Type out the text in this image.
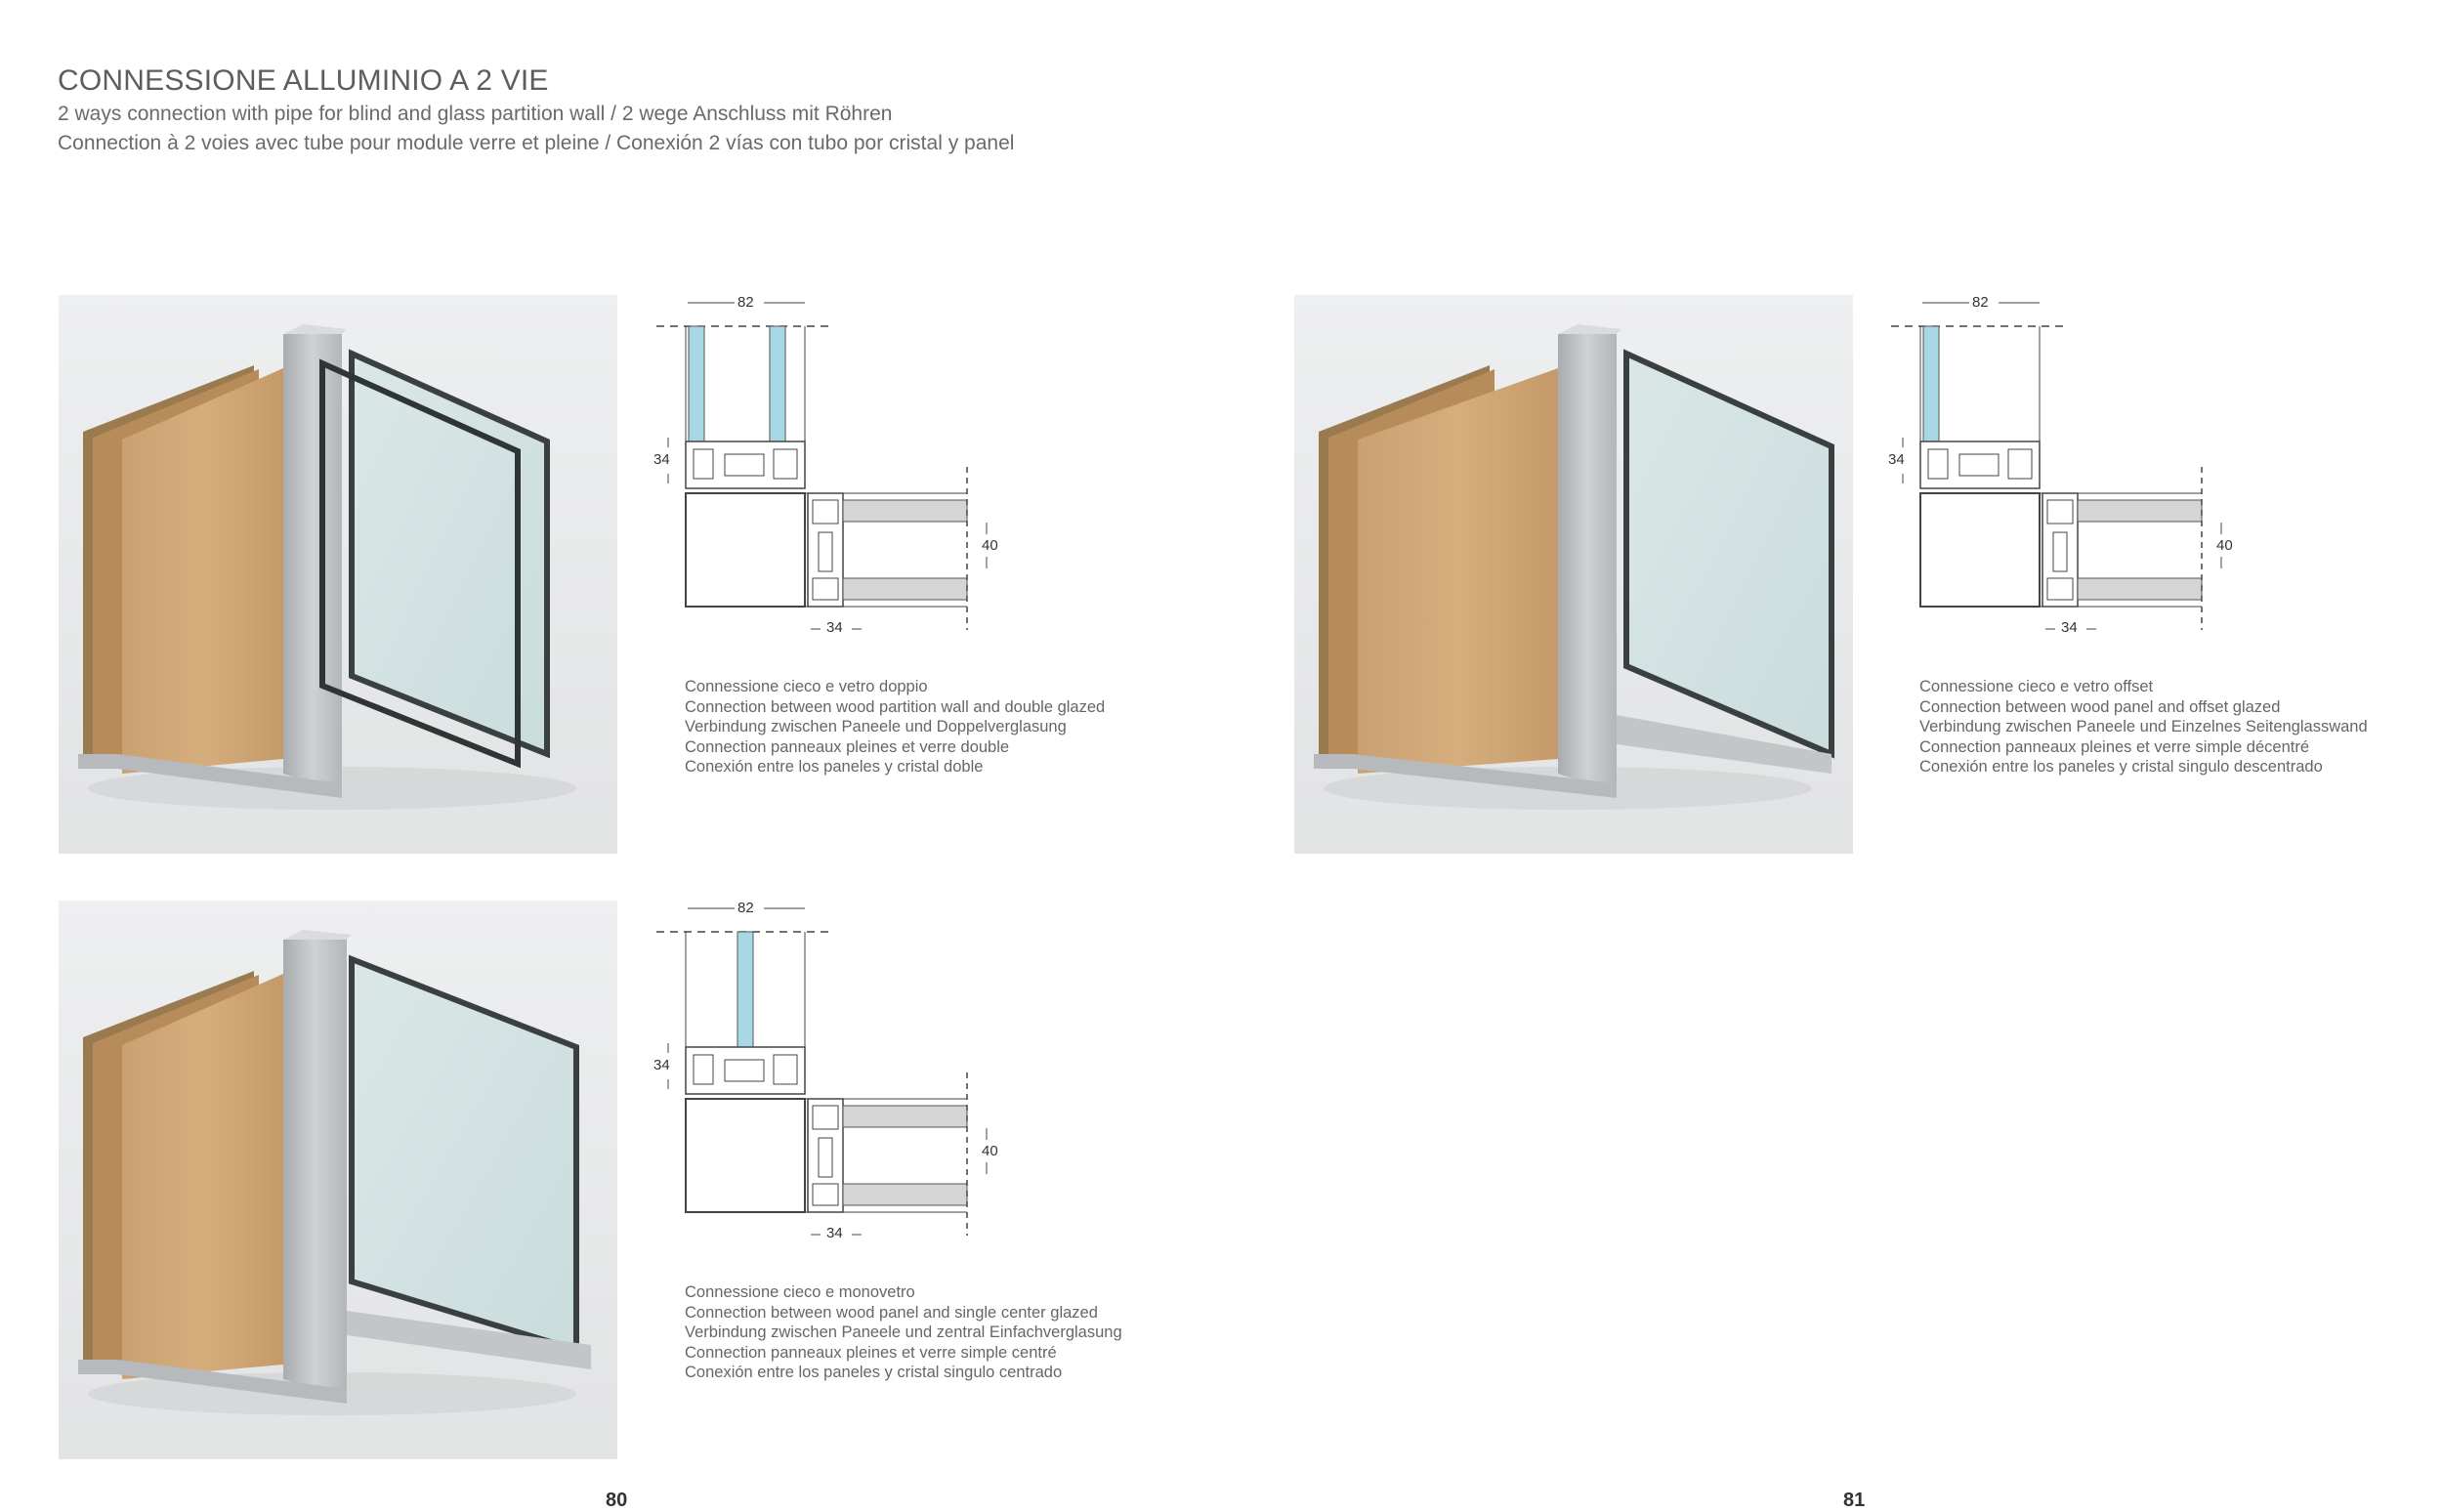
CONNESSIONE ALLUMINIO A 2 VIE
2 ways connection with pipe for blind and glass partition wall / 2 wege Anschluss mit Röhren
Connection à 2 voies avec tube pour module verre et pleine / Conexión 2 vías con tubo por cristal y panel
82
34
40
34
Connessione cieco e vetro doppio
Connection between wood partition wall and double glazed
Verbindung zwischen Paneele und Doppelverglasung
Connection panneaux pleines et verre double
Conexión entre los paneles y cristal doble
82
34
40
34
Connessione cieco e vetro offset
Connection between wood panel and offset glazed
Verbindung zwischen Paneele und Einzelnes Seitenglasswand
Connection panneaux pleines et verre simple décentré
Conexión entre los paneles y cristal singulo descentrado
82
34
40
34
Connessione cieco e monovetro
Connection between wood panel and single center glazed
Verbindung zwischen Paneele und zentral Einfachverglasung
Connection panneaux pleines et verre simple centré
Conexión entre los paneles y cristal singulo centrado
80	81
